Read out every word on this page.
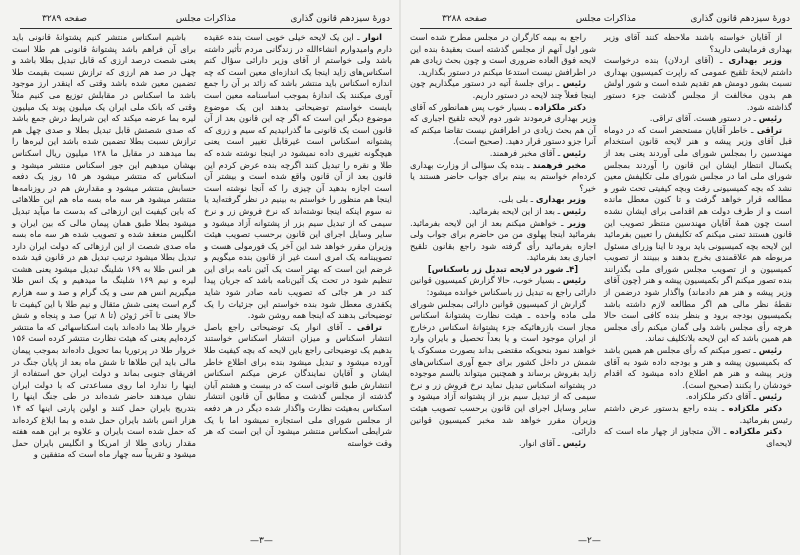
دورهٔ سیزدهم قانون گذاری
مذاکرات مجلس
صفحه ۳۲۸۹

انوار ـ این یک لایحه خیلی خوبی است بنده عقیده دارم وامیدوارم انشاءالله در زندگانی مردم تأثیر داشته باشد ولی خواستم از آقای وزیر دارائی سؤال کنم اسکناس‌های زاید اینجا یک اندازه‌ای معین است که چه اندازه اسکناس باید منتشر باشد که زائد بر آن را جمع آوری میکنند یک اندازهٔ بموجب اساسنامه معین است بایست خواستم توضیحاتی بدهند این یک موضوع موضوع دیگر این است که اگر چه این قانون بعد از آن قانون است یک قانونی ما گذرانیدیم که سیم و زری که پشتوانه اسکناس است غیرقابل تغییر است یعنی هیچگونه تغییری داده نمیشود در اینجا نوشته شده که طلا و نقره را تبدیل کنند اگرچه بنده عرض کردم این قانون بعد از آن قانون واقع شده است و بیشتر آن است اجازه بدهید آن چیزی را که آنجا نوشته است اینجا هم منظور را خواستم به بینیم در نظر گرفته‌اید یا نه سوم اینکه اینجا نوشته‌اند که نرخ فروش زر و نرخ سیمی که از تبدیل سیم بزر از پشتوانه آزاد میشود و سایر وسایل اجرای این قانون برحسب تصویب هیئت وزیران مقرر خواهد شد این آخر یک فورمولی هست و تصویبنامه یک امری است غیر از قانون بنده میگویم و غرضم این است که بهتر است یک آئین نامه برای این تنظیم شود در تحت یک آئین‌نامه باشد که جریان پیدا کند در هر جائی که تصویب نامه صادر شود شاید یکقدری معطل شود بنده خواستم این جزئیات را یک توضیحاتی بدهند که اینجا همه روشن شود.

تراقی ـ آقای انوار یک توضیحاتی راجع باصل انتشار اسکناس و میزان انتشار اسکناس خواستند بدهیم یک توضیحاتی راجع باین لایحه که بچه کیفیت طلا آورده میشود و تبدیل میشود بنده برای اطلاع خاطر ایشان و آقایان نمایندگان عرض میکنم اسکناس انتشارش طبق قانونی است که در بیست و هشتم آبان گذشته از مجلس گذشت و مطابق آن قانون انتشار اسکناس به‌هیئت نظارت واگذار شده دیگر در هر دفعه از مجلس شورای ملی استجازه نمیشود اما با یک شرایطی اسکناس منتشر میشود آن این است که هر وقت خواسته

باشیم اسکناس منتشر کنیم پشتوانهٔ قانونی باید برای آن فراهم باشد پشتوانهٔ قانونی هم طلا است یعنی شصت درصد ارزی که قابل تبدیل بطلا باشد و چهل در صد هم ارزی که ترازش نسبت بقیمت طلا تضمین معین شده باشد وقتی که اینقدر ارز موجود باشد ما اسکناس در مقابلش توزیع می کنیم مثلاً وقتی که بانک ملی ایران یک میلیون پوند یک میلیون لیره بما عرضه میکند که این شرایط درش جمع باشد که صدی شصتش قابل تبدیل بطلا و صدی چهل هم ترازش نسبت بطلا تضمین شده باشد این لیره‌ها را بما میدهند در مقابل ما ۱۲۸ میلیون ریال اسکناس بهشان میدهیم این جور اسکناس منتشر میشود و اسکناس که منتشر میشود هر ۱۵ روز یک دفعه حسابش منتشر میشود و مقدارش هم در روزنامه‌ها منتشر میشود هر سه ماه بسه ماه هم این طلاهائی که باین کیفیت این ارزهائی که بدست ما میآید تبدیل میشود بطلا طبق همان پیمان مالی که بین ایران و انگلیس منعقد شده و تصویب شده هر سه ماه بسه ماه صدی شصت از این ارزهائی که دولت ایران دارد تبدیل بطلا میشود ترتیب تبدیل هم در قانون قید شده هر انس طلا به ۱۶۹ شلینگ تبدیل میشود یعنی هشت لیره و نیم ۱۶۹ شلینگ ما میدهیم و یک انس طلا میگیریم انس هم سی و یک گرام و صد و سه هزارم گرم است یعنی شش مثقال و نیم طلا با این کیفیت تا حالا یعنی تا آخر ژوئن (تا ۸ تیر) صد و پنجاه و شش خروار طلا بما داده‌اند بابت اسکناسهائی که ما منتشر کرده‌ایم یعنی که هیئت نظارت منتشر کرده است ۱۵۶ خروار طلا در پرتوریا بما تحویل داده‌اند بموجب پیمان مالی باید این طلاها تا شش ماه بعد از پایان جنگ در افریقای جنوبی بماند و دولت ایران حق استفاده از اینها را ندارد اما روی مساعدتی که با دولت ایران نشان میدهند حاضر شده‌اند در طی جنگ اینها را بتدریج بایران حمل کنند و اولین پارتی اینها که ۱۴ هزار انس باشد بایران حمل شده و بما ابلاغ کرده‌اند که حمل شده است بایران و علاوه بر این همه هفته مقدار زیادی طلا از امریکا و انگلیس بایران حمل میشود و تقریباً سه چهار ماه است که متفقین و

—۳—
دورهٔ سیزدهم قانون گذاری
مذاکرات مجلس
صفحه ۳۲۸۸

از آقایان خواسته باشند ملاحظه کنند آقای وزیر بهداری فرمایشی دارید؟

وزیر بهداری ـ (آقای اردلان) بنده درخواست داشتم لایحهٔ تلقیح عمومی که راپرت کمیسیون بهداری نسبت بشور دومش هم تقدیم شده است و شور اولش هم بدون مخالفت از مجلس گذشت جزء دستور گذاشته شود.

رئیس ـ در دستور هست. آقای تراقی.

تراقی ـ خاطر آقایان مستحضر است که در دوماه قبل آقای وزیر پیشه و هنر لایحه قانون استخدام مهندسین را بمجلس شورای ملی آوردند یعنی بعد از یکسال انتظار ایشان این قانون را آوردند بمجلس شورای ملی اما در مجلس شورای ملی تکلیفش معین نشد که بچه کمیسیونی رفت وبچه کیفیتی تحت شور و مطالعه قرار خواهد گرفت و تا کنون معطل مانده است و از طرف دولت هم اقدامی برای ایشان نشده است چون همهٔ آقایان مهندسین منتظر تصویب این قانون هستند تمنی میکنم که تکلیفش را تعیین بفرمائید این لایحه بچه کمیسیونی باید برود تا اینا وزرای مسئول مربوطه هم علاقمندی بخرج بدهند و ببینند از تصویب کمیسیون و از تصویب مجلس شورای ملی بگذرانند بنده تصور میکنم اگر بکمیسیون پیشه و هنر (چون آقای وزیر پیشه و هنر هم دادماند) واگذار شود درضمن از نقطهٔ نظر مالی هم اگر مطالعه لازم داشته باشد بکمیسیون بودجه برود و بنظر بنده کافی است حالا هرچه رأی مجلس باشد ولی گمان میکنم رأی مجلس هم همین باشد که این لایحه بلاتکلیف نماند.

رئیس ـ تصور میکنم که رأی مجلس هم همین باشد که بکمیسیون پیشه و هنر و بودجه داده شود به آقای وزیر پیشه و هنر هم اطلاع داده میشود که اقدام خودشان را بکنند (صحیح است).

رئیس ـ آقای دکتر ملکزاده.

دکتر ملکزاده ـ بنده راجع بدستور عرض داشتم رئیس بفرمائید.

دکتر ملکزاده ـ الآن متجاوز از چهار ماه است که لایحه‌ای

راجع به بیمه کارگران در مجلس مطرح شده است شور اول آنهم از مجلس گذشته است بعقیدهٔ بنده این لایحه فوق العاده ضروری است و چون بحث زیادی هم در اطرافش نیست استدعا میکنم در دستور بگذارید.

رئیس ـ برای جلسهٔ آتیه در دستور میگذاریم چون اینجا فعلاً چند لایحه در دستور داریم.

دکتر ملکزاده ـ بسیار خوب پس همانطور که آقای وزیر بهداری فرمودند شور دوم لایحه تلقیح اجباری که آن هم بحث زیادی در اطرافش نیست تقاضا میکنم که آنرا جزو دستور قرار دهید. (صحیح است).

رئیس ـ آقای مخبر فرهمند.

مخبر فرهمند ـ بنده یک سؤالی از وزارت بهداری کرده‌ام خواستم به بینم برای جواب حاضر هستند یا خیر؟

وزیر بهداری ـ بلی بلی.

رئیس ـ بعد از این لایحه بفرمائید.

وزیر ـ خواهش میکنم بعد از این لایحه بفرمائید. بفرمائید اینجا پهلوی من من حاضرم برای جواب ولی اجازه بفرمائید رأی گرفته شود راجع بقانون تلقیح اجباری بعد بفرمائید.

[۴ـ شور در لایحه تبدیل زر باسکناس]

رئیس ـ بسیار خوب، حالا گزارش کمیسیون قوانین دارائی راجع به تبدیل زر باسکناس خوانده میشود:

گزارش از کمیسیون قوانین دارائی بمجلس شورای ملی ماده واحده ـ هیئت نظارت پشتوانهٔ اسکناس مجاز است بازرهائیکه جزء پشتوانهٔ اسکناس درخارج از ایران موجود است و یا بعداً تحصیل و بایران وارد خواهند نمود بنحویکه مقتضی بداند بصورت مسکوک یا شمش در داخل کشور برای جمع آوری اسکناس‌های زاید بفروش برساند و همچنین میتواند بالسم موجوده در پشتوانه اسکناس تبدیل نماید نرخ فروش زر و نرخ سیمی که از تبدیل سیم بزر از پشتوانه آزاد میشود و سایر وسایل اجرای این قانون برحسب تصویب هیئت وزیران مقرر خواهد شد مخبر کمیسیون قوانین دارائی.

رئیس ـ آقای انوار.

—۲—
